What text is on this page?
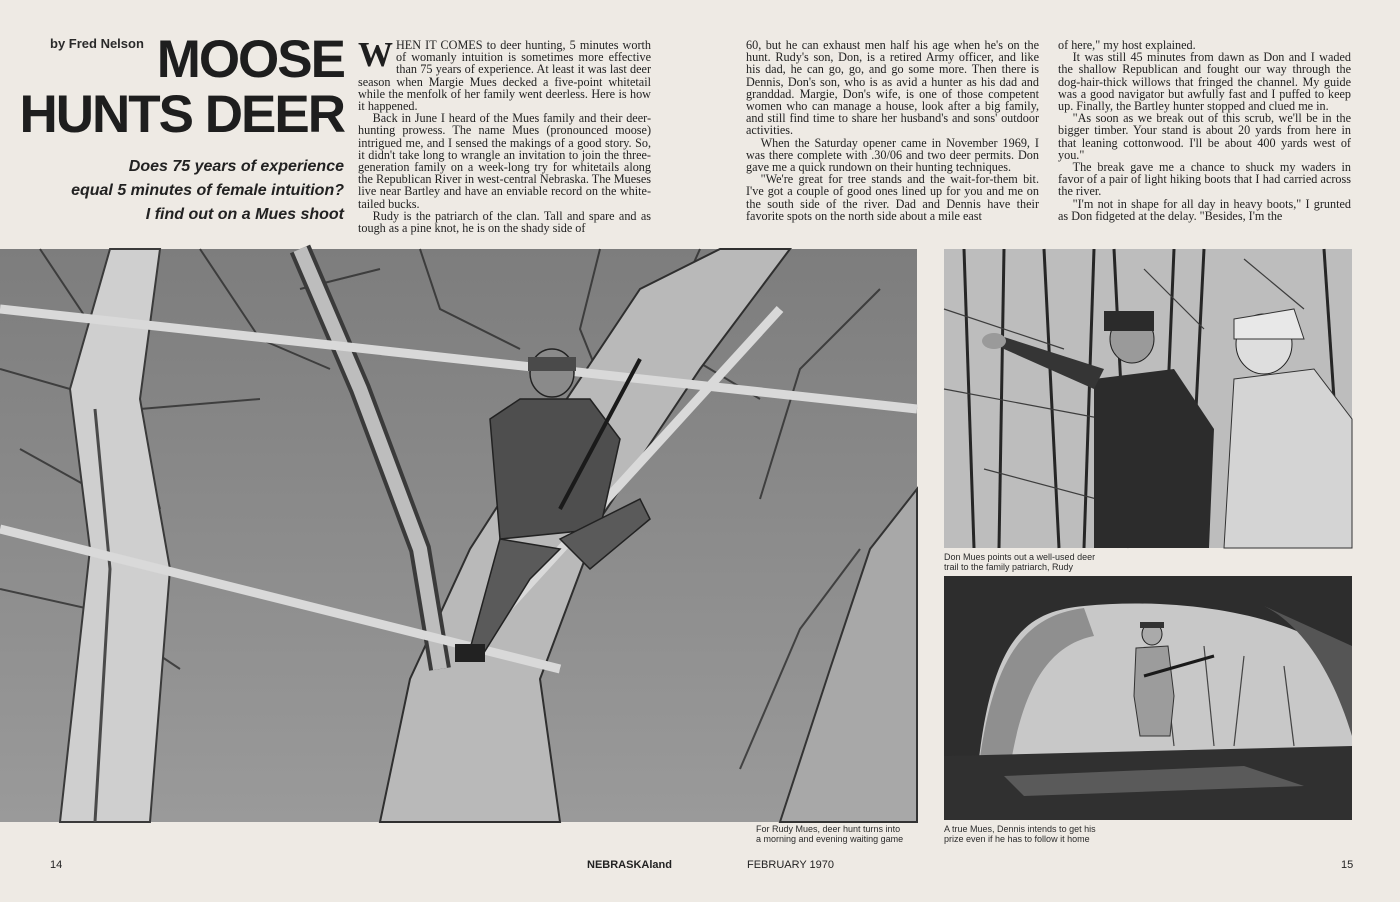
by Fred Nelson MOOSE
HUNTS DEER
Does 75 years of experience
equal 5 minutes of female intuition?
I find out on a Mues shoot

WHEN IT COMES to deer hunting, 5 minutes worth of womanly intuition is sometimes more effective than 75 years of experience. At least it was last deer season when Margie Mues decked a five-point whitetail while the menfolk of her family went deerless. Here is how it happened.

Back in June I heard of the Mues family and their deer-hunting prowess. The name Mues (pronounced moose) intrigued me, and I sensed the makings of a good story. So, it didn't take long to wrangle an invitation to join the three-generation family on a week-long try for whitetails along the Republican River in west-central Nebraska. The Mueses live near Bartley and have an enviable record on the white-tailed bucks.

Rudy is the patriarch of the clan. Tall and spare and as tough as a pine knot, he is on the shady side of

60, but he can exhaust men half his age when he's on the hunt. Rudy's son, Don, is a retired Army officer, and like his dad, he can go, go, and go some more. Then there is Dennis, Don's son, who is as avid a hunter as his dad and granddad. Margie, Don's wife, is one of those competent women who can manage a house, look after a big family, and still find time to share her husband's and sons' outdoor activities.

When the Saturday opener came in November 1969, I was there complete with .30/06 and two deer permits. Don gave me a quick rundown on their hunting techniques.

"We're great for tree stands and the wait-for-them bit. I've got a couple of good ones lined up for you and me on the south side of the river. Dad and Dennis have their favorite spots on the north side about a mile east

of here," my host explained.

It was still 45 minutes from dawn as Don and I waded the shallow Republican and fought our way through the dog-hair-thick willows that fringed the channel. My guide was a good navigator but awfully fast and I puffed to keep up. Finally, the Bartley hunter stopped and clued me in.

"As soon as we break out of this scrub, we'll be in the bigger timber. Your stand is about 20 yards from here in that leaning cottonwood. I'll be about 400 yards west of you."

The break gave me a chance to shuck my waders in favor of a pair of light hiking boots that I had carried across the river.

"I'm not in shape for all day in heavy boots," I grunted as Don fidgeted at the delay. "Besides, I'm the

Don Mues points out a well-used deer
trail to the family patriarch, Rudy
A true Mues, Dennis intends to get his
prize even if he has to follow it home
For Rudy Mues, deer hunt turns into
a morning and evening waiting game
14	NEBRASKAland	FEBRUARY 1970	15
